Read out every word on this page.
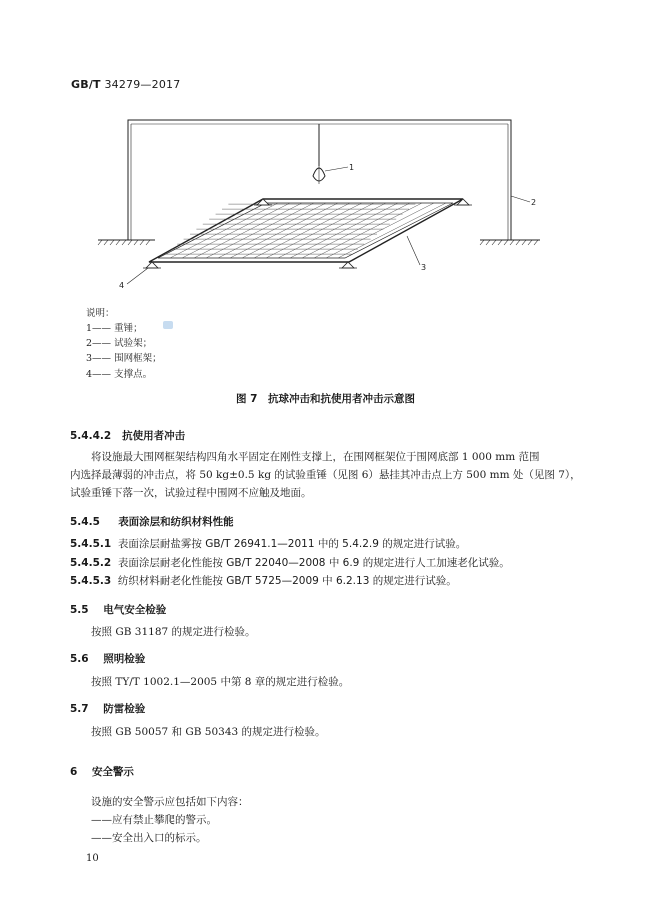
GB/T 34279—2017
1
2
3
4
说明：
1—— 重锤；
2—— 试验架；
3—— 围网框架；
4—— 支撑点。
图 7　抗球冲击和抗使用者冲击示意图
5.4.4.2 抗使用者冲击
将设施最大围网框架结构四角水平固定在刚性支撑上，在围网框架位于围网底部 1 000 mm 范围
内选择最薄弱的冲击点，将 50 kg±0.5 kg 的试验重锤（见图 6）悬挂其冲击点上方 500 mm 处（见图 7），
试验重锤下落一次，试验过程中围网不应触及地面。
5.4.5 表面涂层和纺织材料性能
5.4.5.1 表面涂层耐盐雾按 GB/T 26941.1—2011 中的 5.4.2.9 的规定进行试验。
5.4.5.2 表面涂层耐老化性能按 GB/T 22040—2008 中 6.9 的规定进行人工加速老化试验。
5.4.5.3 纺织材料耐老化性能按 GB/T 5725—2009 中 6.2.13 的规定进行试验。
5.5 电气安全检验
按照 GB 31187 的规定进行检验。
5.6 照明检验
按照 TY/T 1002.1—2005 中第 8 章的规定进行检验。
5.7 防雷检验
按照 GB 50057 和 GB 50343 的规定进行检验。
6 安全警示
设施的安全警示应包括如下内容：
——应有禁止攀爬的警示。
——安全出入口的标示。
10
